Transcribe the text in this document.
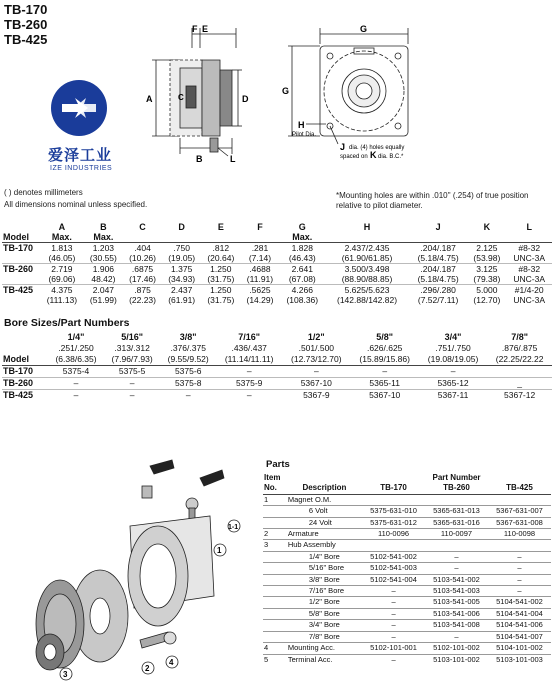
TB-170
TB-260
TB-425
爱泽工业
IZE INDUSTRIES
F E
A	C	D
B	L
G
G
H
Pilot Dia.
J dia. (4) holes equally
spaced on K dia. B.C.*
( ) denotes millimeters
All dimensions nominal unless specified.
*Mounting holes are within .010'' (.254) of true position relative to pilot diameter.
	A	B	C	D	E	F	G	H	J	K	L
Model	Max.	Max.					Max.				
TB-170	1.813	1.203	.404	.750	.812	.281	1.828	2.437/2.435	.204/.187	2.125	#8-32
	(46.05)	(30.55)	(10.26)	(19.05)	(20.64)	(7.14)	(46.43)	(61.90/61.85)	(5.18/4.75)	(53.98)	UNC-3A
TB-260	2.719	1.906	.6875	1.375	1.250	.4688	2.641	3.500/3.498	.204/.187	3.125	#8-32
	(69.06)	48.42)	(17.46)	(34.93)	(31.75)	(11.91)	(67.08)	(88.90/88.85)	(5.18/4.75)	(79.38)	UNC-3A
TB-425	4.375	2.047	.875	2.437	1.250	.5625	4.266	5.625/5.623	.296/.280	5.000	#1/4-20
	(111.13)	(51.99)	(22.23)	(61.91)	(31.75)	(14.29)	(108.36)	(142.88/142.82)	(7.52/7.11)	(12.70)	UNC-3A
Bore Sizes/Part Numbers
	1/4"	5/16"	3/8"	7/16"	1/2"	5/8"	3/4"	7/8"
	.251/.250	.313/.312	.376/.375	.436/.437	.501/.500	.626/.625	.751/.750	.876/.875
Model	(6.38/6.35)	(7.96/7.93)	(9.55/9.52)	(11.14/11.11)	(12.73/12.70)	(15.89/15.86)	(19.08/19.05)	(22.25/22.22
TB-170	5375-4	5375-5	5375-6	–	–	–	–	
TB-260	–	–	5375-8	5375-9	5367-10	5365-11	5365-12	_
TB-425	–	–	–	–	5367-9	5367-10	5367-11	5367-12
1
1-1
2
3
4
Parts
Item		Part Number		
No.	Description	TB-170	TB-260	TB-425
1	Magnet O.M.			
	6 Volt	5375-631-010	5365-631-013	5367-631-007
	24 Volt	5375-631-012	5365-631-016	5367-631-008
2	Armature	110-0096	110-0097	110-0098
3	Hub Assembly			
	1/4" Bore	5102-541-002	–	–
	5/16" Bore	5102-541-003	–	–
	3/8" Bore	5102-541-004	5103-541-002	–
	7/16" Bore	–	5103-541-003	–
	1/2" Bore	–	5103-541-005	5104-541-002
	5/8" Bore	–	5103-541-006	5104-541-004
	3/4" Bore	–	5103-541-008	5104-541-006
	7/8" Bore	–	–	5104-541-007
4	Mounting Acc.	5102-101-001	5102-101-002	5104-101-002
5	Terminal Acc.	–	5103-101-002	5103-101-003
